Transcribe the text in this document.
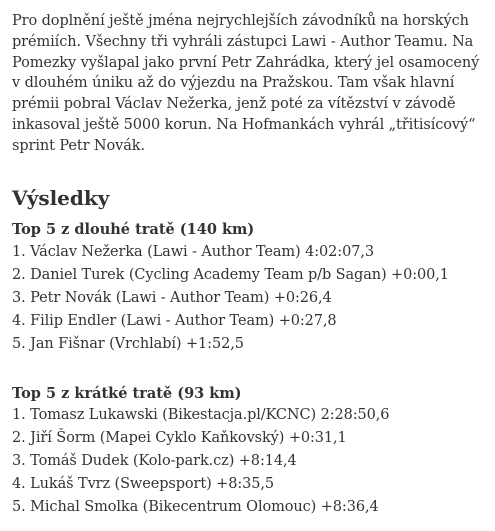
Pro doplnění ještě jména nejrychlejších závodníků na horských
prémiích. Všechny tři vyhráli zástupci Lawi - Author Teamu. Na
Pomezky vyšlapal jako první Petr Zahrádka, který jel osamocený
v dlouhém úniku až do výjezdu na Pražskou. Tam však hlavní
prémii pobral Václav Nežerka, jenž poté za vítězství v závodě
inkasoval ještě 5000 korun. Na Hofmankách vyhrál „třitisícový“
sprint Petr Novák.

Výsledky
Top 5 z dlouhé tratě (140 km)
1. Václav Nežerka (Lawi - Author Team) 4:02:07,3
2. Daniel Turek (Cycling Academy Team p/b Sagan) +0:00,1
3. Petr Novák (Lawi - Author Team) +0:26,4
4. Filip Endler (Lawi - Author Team) +0:27,8
5. Jan Fišnar (Vrchlabí) +1:52,5
Top 5 z krátké tratě (93 km)
1. Tomasz Lukawski (Bikestacja.pl/KCNC) 2:28:50,6
2. Jiří Šorm (Mapei Cyklo Kaňkovský) +0:31,1
3. Tomáš Dudek (Kolo-park.cz) +8:14,4
4. Lukáš Tvrz (Sweepsport) +8:35,5
5. Michal Smolka (Bikecentrum Olomouc) +8:36,4
